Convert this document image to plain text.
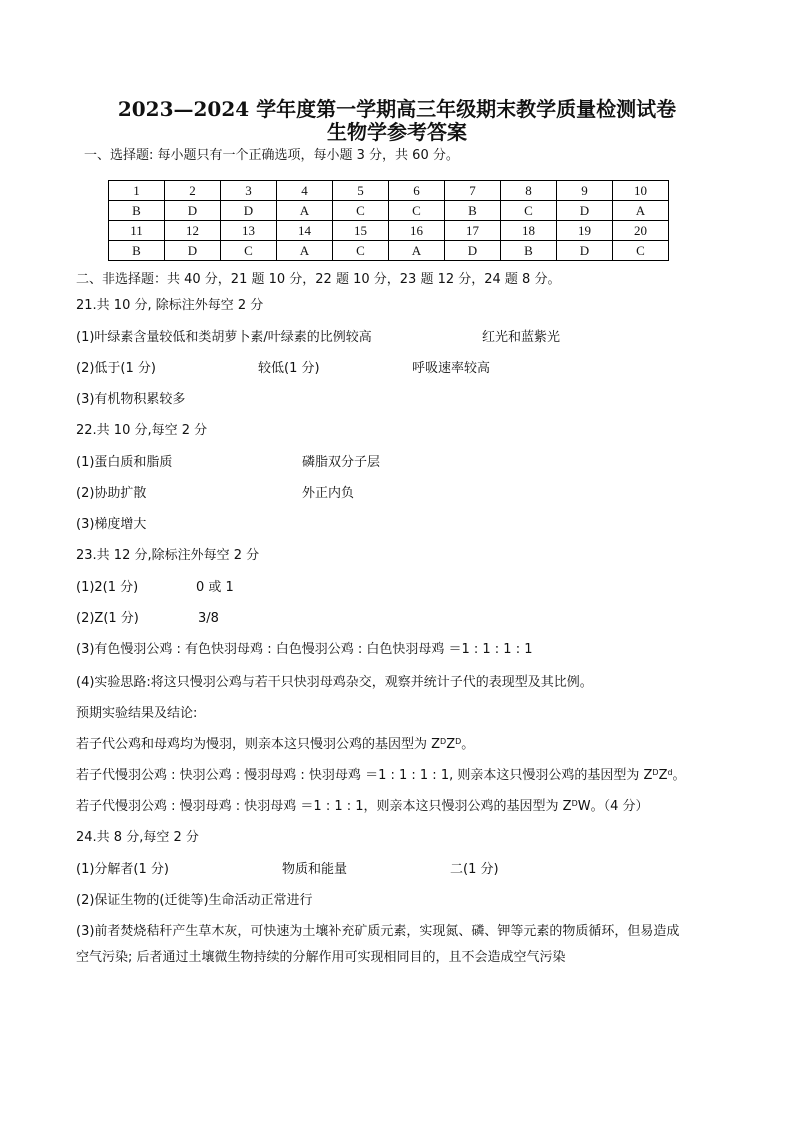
2023—2024 学年度第一学期高三年级期末教学质量检测试卷
生物学参考答案
一、选择题: 每小题只有一个正确选项，每小题 3 分，共 60 分。
1	2	3	4	5	6	7	8	9	10
B	D	D	A	C	C	B	C	D	A
11	12	13	14	15	16	17	18	19	20
B	D	C	A	C	A	D	B	D	C
二、非选择题：共 40 分，21 题 10 分，22 题 10 分，23 题 12 分，24 题 8 分。
21.共 10 分, 除标注外每空 2 分
(1)叶绿素含量较低和类胡萝卜素/叶绿素的比例较高	红光和蓝紫光
(2)低于(1 分)	较低(1 分)	呼吸速率较高
(3)有机物积累较多
22.共 10 分,每空 2 分
(1)蛋白质和脂质	磷脂双分子层
(2)协助扩散	外正内负
(3)梯度增大
23.共 12 分,除标注外每空 2 分
(1)2(1 分)	0 或 1
(2)Z(1 分)	3/8
(3)有色慢羽公鸡 : 有色快羽母鸡 : 白色慢羽公鸡 : 白色快羽母鸡 ＝1 : 1 : 1 : 1
(4)实验思路:将这只慢羽公鸡与若干只快羽母鸡杂交，观察并统计子代的表现型及其比例。
预期实验结果及结论:
若子代公鸡和母鸡均为慢羽，则亲本这只慢羽公鸡的基因型为 $Z^DZ^D$。
若子代慢羽公鸡 : 快羽公鸡 : 慢羽母鸡 : 快羽母鸡 ＝1 : 1 : 1 : 1, 则亲本这只慢羽公鸡的基因型为 $Z^DZ^d$。
若子代慢羽公鸡 : 慢羽母鸡 : 快羽母鸡 ＝1 : 1 : 1，则亲本这只慢羽公鸡的基因型为 $Z^DW$。（4 分）
24.共 8 分,每空 2 分
(1)分解者(1 分)	物质和能量	二(1 分)
(2)保证生物的(迁徙等)生命活动正常进行
(3)前者焚烧秸秆产生草木灰，可快速为土壤补充矿质元素，实现氮、磷、钾等元素的物质循环，但易造成
空气污染; 后者通过土壤微生物持续的分解作用可实现相同目的，且不会造成空气污染
